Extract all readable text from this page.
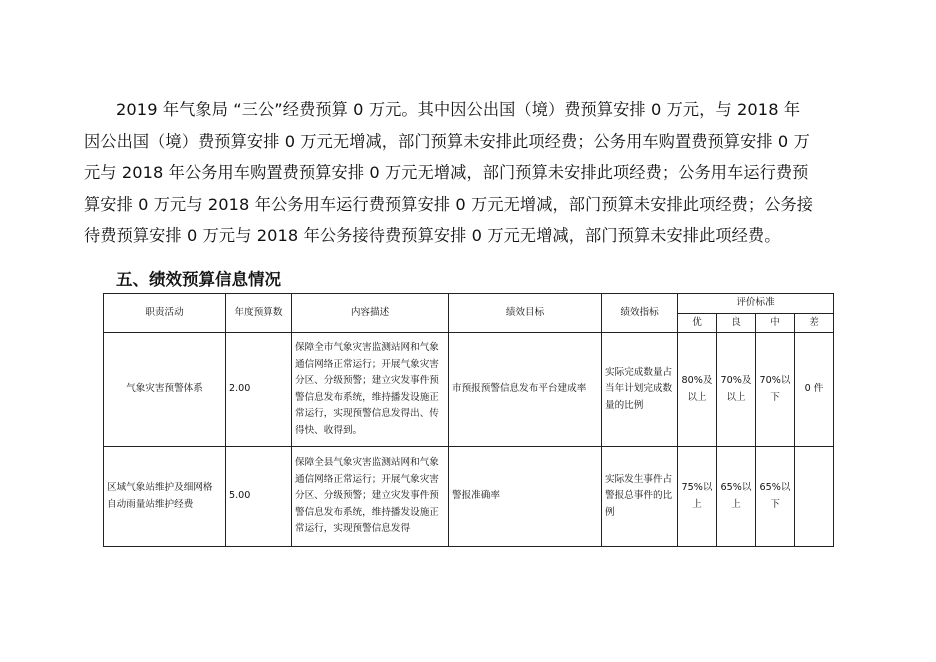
2019 年气象局 “三公”经费预算 0 万元。其中因公出国（境）费预算安排 0 万元，与 2018 年
因公出国（境）费预算安排 0 万元无增减，部门预算未安排此项经费；公务用车购置费预算安排 0 万
元与 2018 年公务用车购置费预算安排 0 万元无增减，部门预算未安排此项经费；公务用车运行费预
算安排 0 万元与 2018 年公务用车运行费预算安排 0 万元无增减，部门预算未安排此项经费；公务接
待费预算安排 0 万元与 2018 年公务接待费预算安排 0 万元无增减，部门预算未安排此项经费。
五、绩效预算信息情况
职责活动	年度预算数	内容描述	绩效目标	绩效指标	评价标准			
					优	良	中	差
气象灾害预警体系	2.00	保障全市气象灾害监测站网和气象通信网络正常运行；开展气象灾害分区、分级预警；建立灾发事件预警信息发布系统，维持播发设施正常运行，实现预警信息发得出、传得快、收得到。	市预报预警信息发布平台建成率	实际完成数量占当年计划完成数量的比例	80%及以上	70%及以上	70%以下	0 件
区域气象站维护及细网格自动雨量站维护经费	5.00	保障全县气象灾害监测站网和气象通信网络正常运行；开展气象灾害分区、分级预警；建立灾发事件预警信息发布系统，维持播发设施正常运行，实现预警信息发得	警报准确率	实际发生事件占警报总事件的比例	75%以上	65%以上	65%以下	
